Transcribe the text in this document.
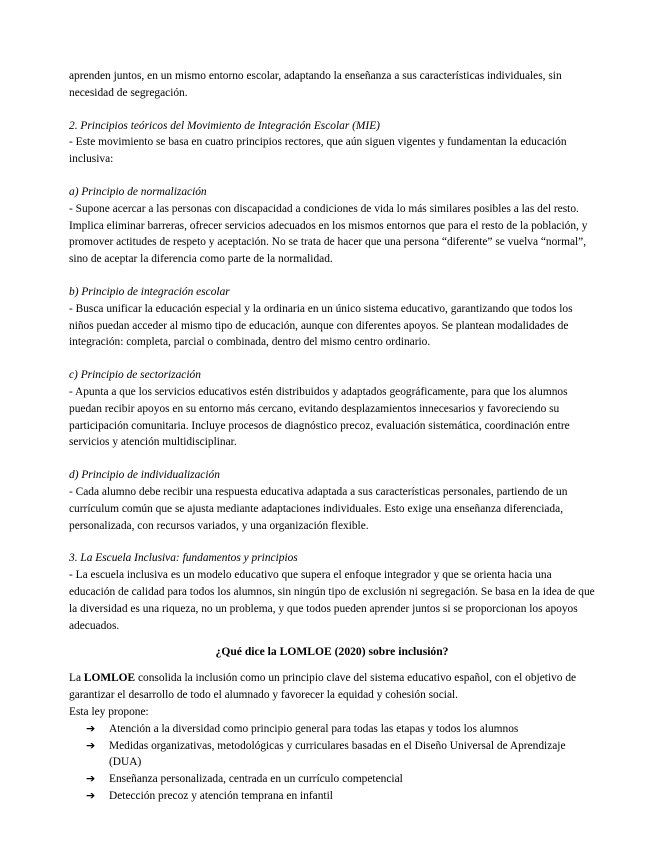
aprenden juntos, en un mismo entorno escolar, adaptando la enseñanza a sus características individuales, sin necesidad de segregación.

2. Principios teóricos del Movimiento de Integración Escolar (MIE)

- Este movimiento se basa en cuatro principios rectores, que aún siguen vigentes y fundamentan la educación inclusiva:

a) Principio de normalización

- Supone acercar a las personas con discapacidad a condiciones de vida lo más similares posibles a las del resto. Implica eliminar barreras, ofrecer servicios adecuados en los mismos entornos que para el resto de la población, y promover actitudes de respeto y aceptación. No se trata de hacer que una persona “diferente” se vuelva “normal”, sino de aceptar la diferencia como parte de la normalidad.

b) Principio de integración escolar

- Busca unificar la educación especial y la ordinaria en un único sistema educativo, garantizando que todos los niños puedan acceder al mismo tipo de educación, aunque con diferentes apoyos. Se plantean modalidades de integración: completa, parcial o combinada, dentro del mismo centro ordinario.

c) Principio de sectorización

- Apunta a que los servicios educativos estén distribuidos y adaptados geográficamente, para que los alumnos puedan recibir apoyos en su entorno más cercano, evitando desplazamientos innecesarios y favoreciendo su participación comunitaria. Incluye procesos de diagnóstico precoz, evaluación sistemática, coordinación entre servicios y atención multidisciplinar.

d) Principio de individualización

- Cada alumno debe recibir una respuesta educativa adaptada a sus características personales, partiendo de un currículum común que se ajusta mediante adaptaciones individuales. Esto exige una enseñanza diferenciada, personalizada, con recursos variados, y una organización flexible.

3. La Escuela Inclusiva: fundamentos y principios

- La escuela inclusiva es un modelo educativo que supera el enfoque integrador y que se orienta hacia una educación de calidad para todos los alumnos, sin ningún tipo de exclusión ni segregación. Se basa en la idea de que la diversidad es una riqueza, no un problema, y que todos pueden aprender juntos si se proporcionan los apoyos adecuados.

¿Qué dice la LOMLOE (2020) sobre inclusión?

La LOMLOE consolida la inclusión como un principio clave del sistema educativo español, con el objetivo de garantizar el desarrollo de todo el alumnado y favorecer la equidad y cohesión social.

Esta ley propone:

➔ Atención a la diversidad como principio general para todas las etapas y todos los alumnos
➔ Medidas organizativas, metodológicas y curriculares basadas en el Diseño Universal de Aprendizaje (DUA)
➔ Enseñanza personalizada, centrada en un currículo competencial
➔ Detección precoz y atención temprana en infantil
